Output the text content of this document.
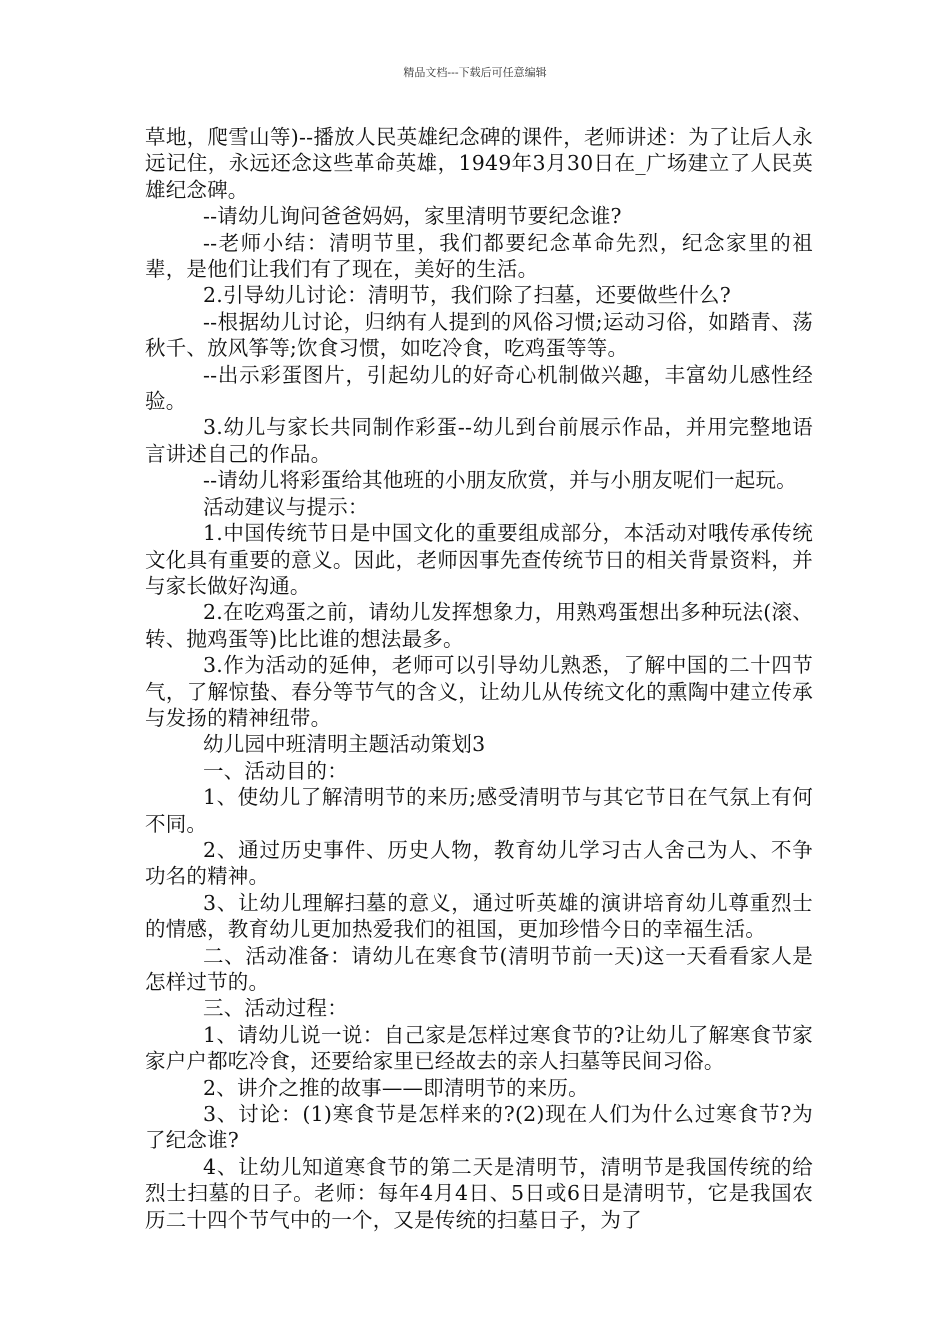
精品文档---下载后可任意编辑

草地，爬雪山等)--播放人民英雄纪念碑的课件，老师讲述：为了让后人永远记住，永远还念这些革命英雄，1949年3月30日在_广场建立了人民英雄纪念碑。

--请幼儿询问爸爸妈妈，家里清明节要纪念谁?

--老师小结：清明节里，我们都要纪念革命先烈，纪念家里的祖辈，是他们让我们有了现在，美好的生活。

2.引导幼儿讨论：清明节，我们除了扫墓，还要做些什么?

--根据幼儿讨论，归纳有人提到的风俗习惯;运动习俗，如踏青、荡秋千、放风筝等;饮食习惯，如吃冷食，吃鸡蛋等等。

--出示彩蛋图片，引起幼儿的好奇心机制做兴趣，丰富幼儿感性经验。

3.幼儿与家长共同制作彩蛋--幼儿到台前展示作品，并用完整地语言讲述自己的作品。

--请幼儿将彩蛋给其他班的小朋友欣赏，并与小朋友呢们一起玩。

活动建议与提示：

1.中国传统节日是中国文化的重要组成部分，本活动对哦传承传统文化具有重要的意义。因此，老师因事先查传统节日的相关背景资料，并与家长做好沟通。

2.在吃鸡蛋之前，请幼儿发挥想象力，用熟鸡蛋想出多种玩法(滚、转、抛鸡蛋等)比比谁的想法最多。

3.作为活动的延伸，老师可以引导幼儿熟悉，了解中国的二十四节气，了解惊蛰、春分等节气的含义，让幼儿从传统文化的熏陶中建立传承与发扬的精神纽带。

幼儿园中班清明主题活动策划3

一、活动目的：

1、使幼儿了解清明节的来历;感受清明节与其它节日在气氛上有何不同。

2、通过历史事件、历史人物，教育幼儿学习古人舍己为人、不争功名的精神。

3、让幼儿理解扫墓的意义，通过听英雄的演讲培育幼儿尊重烈士的情感，教育幼儿更加热爱我们的祖国，更加珍惜今日的幸福生活。

二、活动准备：请幼儿在寒食节(清明节前一天)这一天看看家人是怎样过节的。

三、活动过程：

1、请幼儿说一说：自己家是怎样过寒食节的?让幼儿了解寒食节家家户户都吃冷食，还要给家里已经故去的亲人扫墓等民间习俗。

2、讲介之推的故事——即清明节的来历。

3、讨论：(1)寒食节是怎样来的?(2)现在人们为什么过寒食节?为了纪念谁?

4、让幼儿知道寒食节的第二天是清明节，清明节是我国传统的给烈士扫墓的日子。老师：每年4月4日、5日或6日是清明节，它是我国农历二十四个节气中的一个，又是传统的扫墓日子，为了
